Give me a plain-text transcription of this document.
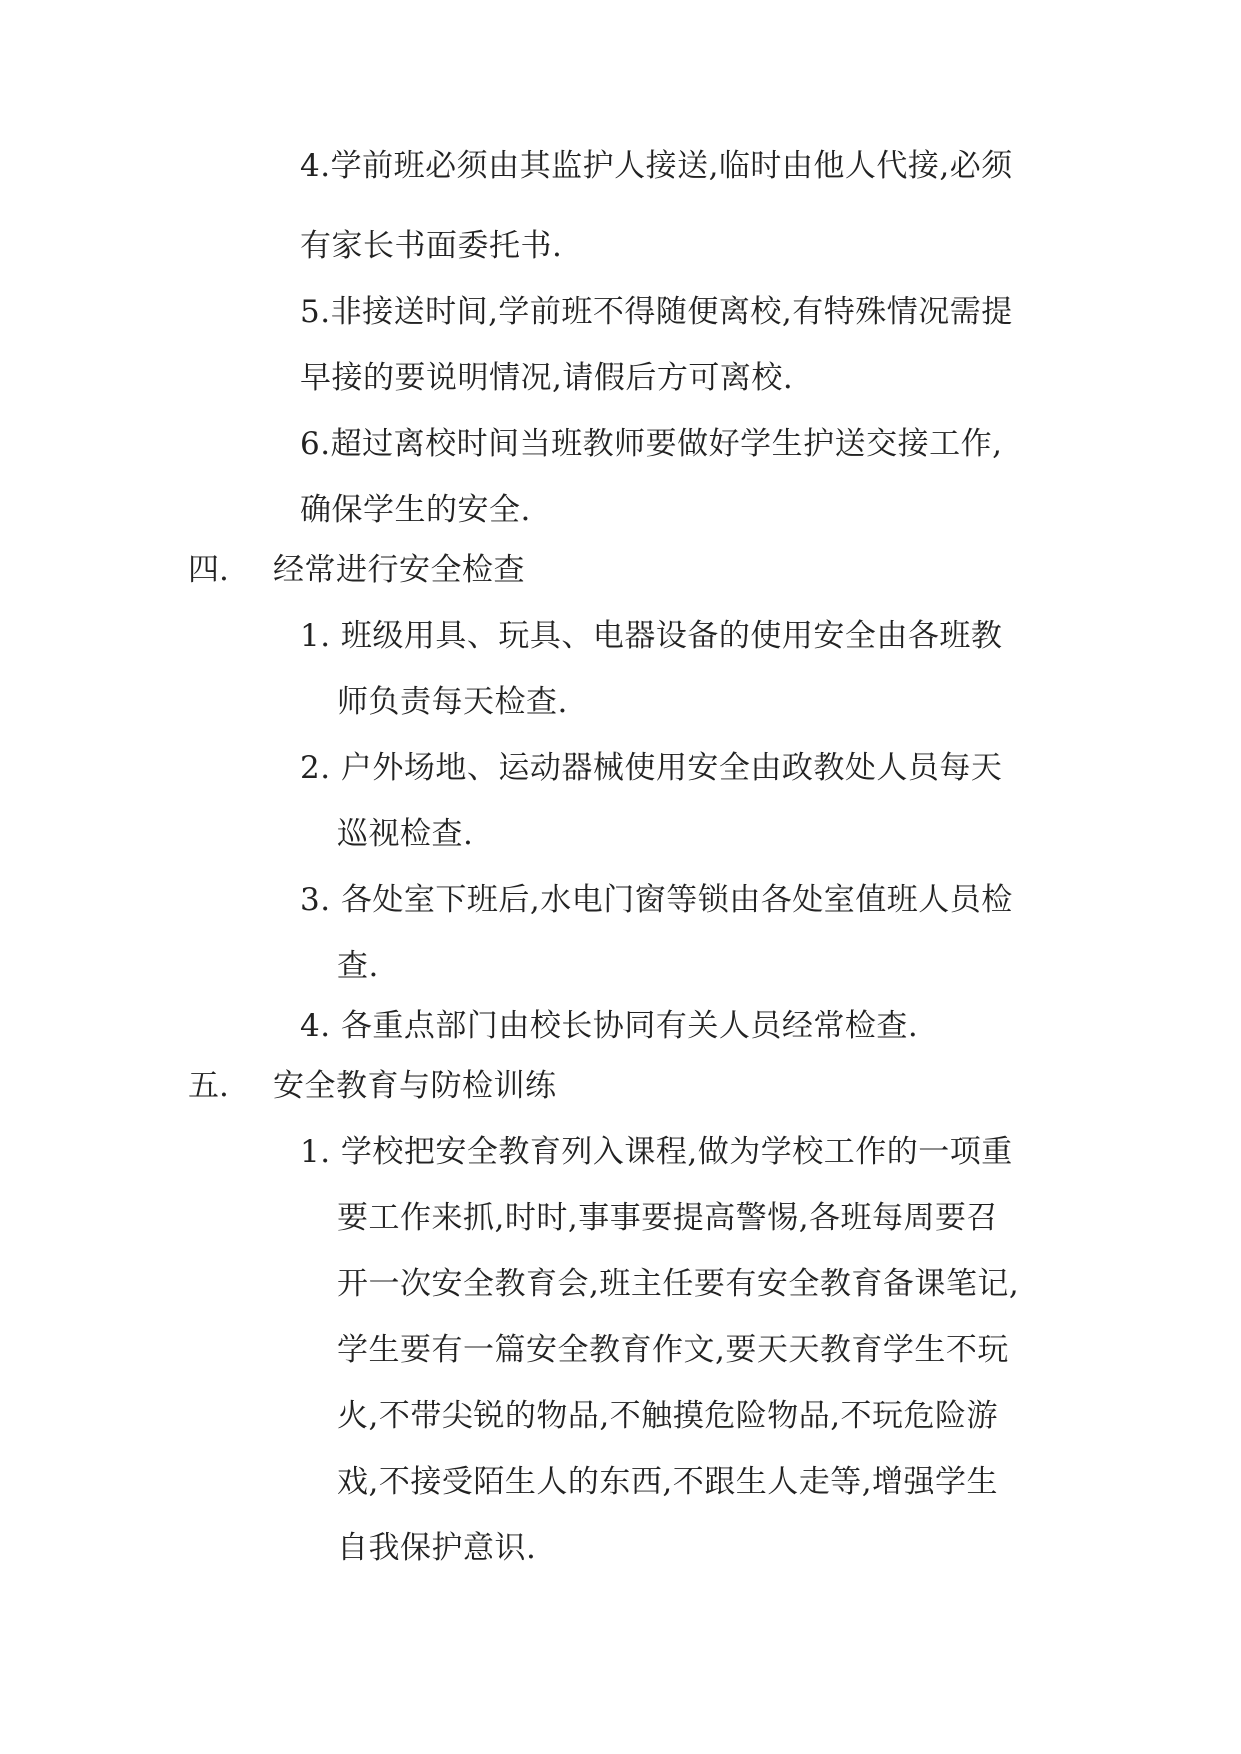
4.学前班必须由其监护人接送,临时由他人代接,必须
有家长书面委托书.
5.非接送时间,学前班不得随便离校,有特殊情况需提
早接的要说明情况,请假后方可离校.
6.超过离校时间当班教师要做好学生护送交接工作,
确保学生的安全.
四. 经常进行安全检查
1. 班级用具、玩具、电器设备的使用安全由各班教
师负责每天检查.
2. 户外场地、运动器械使用安全由政教处人员每天
巡视检查.
3. 各处室下班后,水电门窗等锁由各处室值班人员检
查.
4. 各重点部门由校长协同有关人员经常检查.
五. 安全教育与防检训练
1. 学校把安全教育列入课程,做为学校工作的一项重
要工作来抓,时时,事事要提高警惕,各班每周要召
开一次安全教育会,班主任要有安全教育备课笔记,
学生要有一篇安全教育作文,要天天教育学生不玩
火,不带尖锐的物品,不触摸危险物品,不玩危险游
戏,不接受陌生人的东西,不跟生人走等,增强学生
自我保护意识.
